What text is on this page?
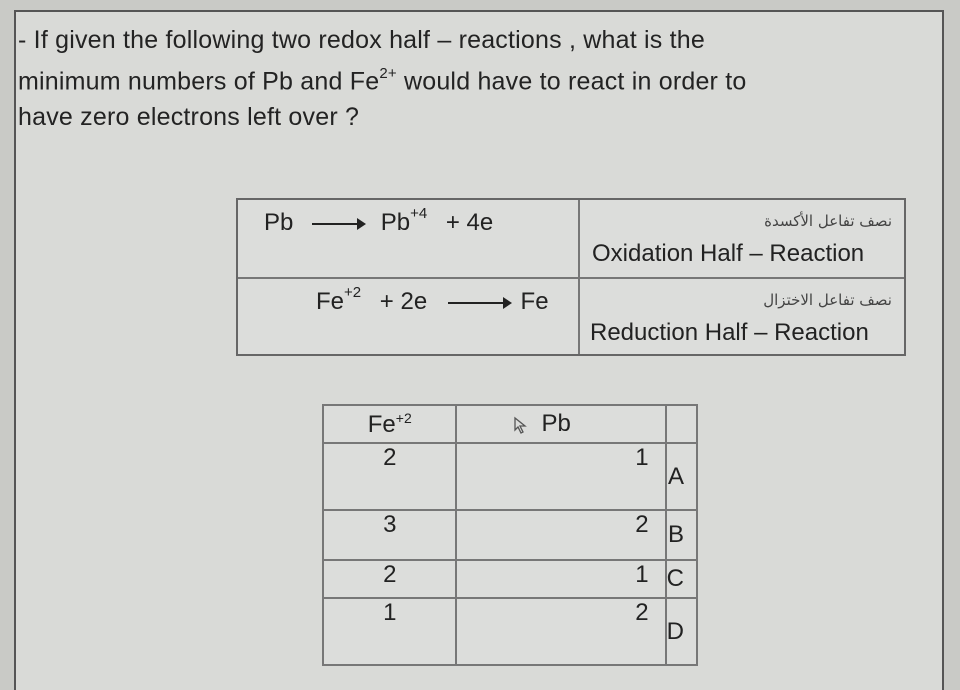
- If given the following two redox half – reactions , what is the
minimum numbers of Pb and $Fe^{2+}$ would have to react in order to
have zero electrons left over ?
$Pb \to Pb^{+4} + 4e$	نصف تفاعل الأكسدة
Oxidation Half – Reaction
$Fe^{+2} + 2e \to Fe$	نصف تفاعل الاختزال
Reduction Half – Reaction
$Fe^{+2}$	Pb	
2	1	A
3	2	B
2	1	C
1	2	D
